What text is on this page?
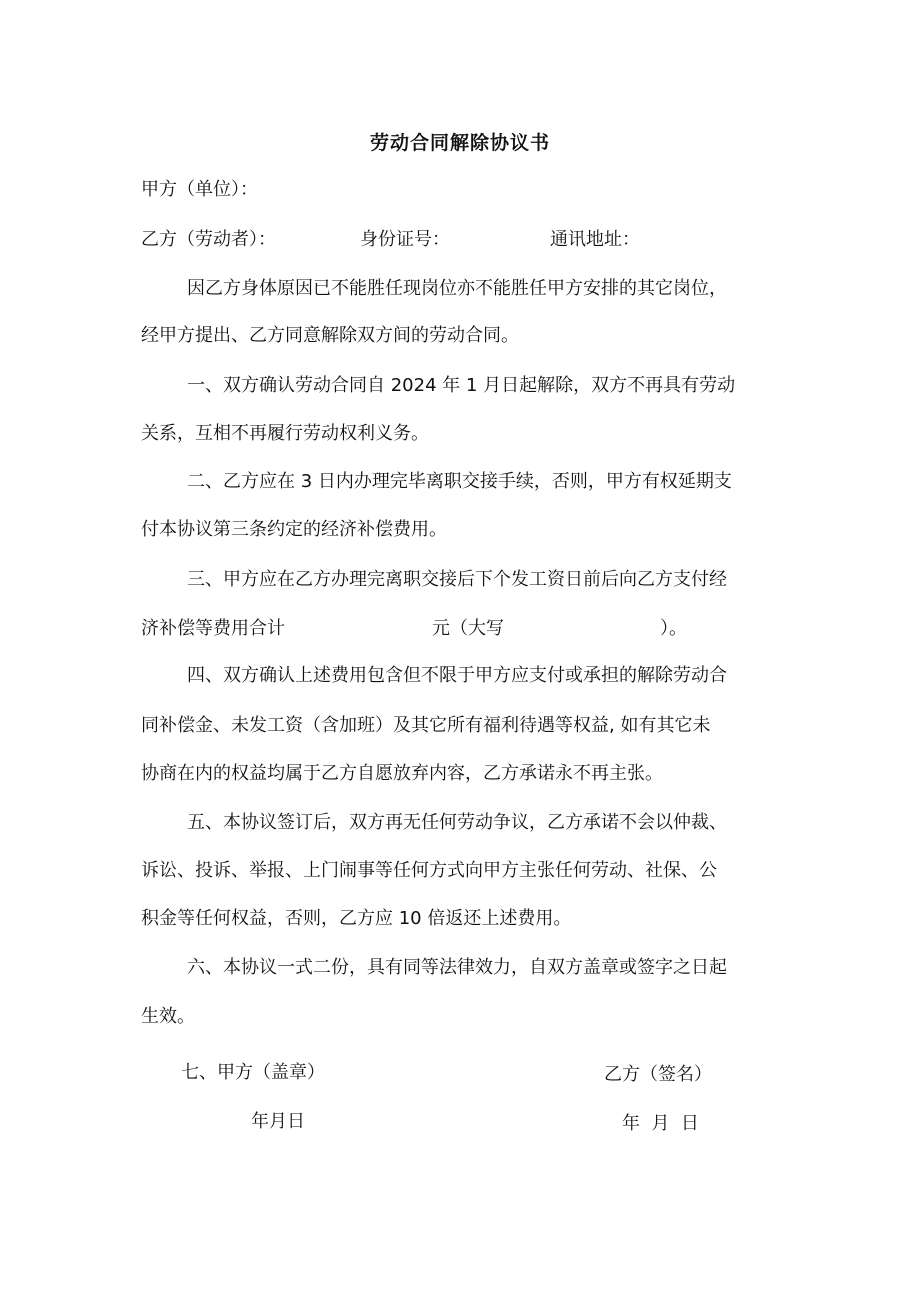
劳动合同解除协议书
甲方（单位）：
乙方（劳动者）：	身份证号：	通讯地址：
因乙方身体原因已不能胜任现岗位亦不能胜任甲方安排的其它岗位，
经甲方提出、乙方同意解除双方间的劳动合同。
一、双方确认劳动合同自 2024 年 1 月日起解除，双方不再具有劳动
关系，互相不再履行劳动权利义务。
二、乙方应在 3 日内办理完毕离职交接手续，否则，甲方有权延期支
付本协议第三条约定的经济补偿费用。
三、甲方应在乙方办理完离职交接后下个发工资日前后向乙方支付经
济补偿等费用合计	元（大写	）。
四、双方确认上述费用包含但不限于甲方应支付或承担的解除劳动合
同补偿金、未发工资（含加班）及其它所有福利待遇等权益, 如有其它未
协商在内的权益均属于乙方自愿放弃内容，乙方承诺永不再主张。
五、本协议签订后，双方再无任何劳动争议，乙方承诺不会以仲裁、
诉讼、投诉、举报、上门闹事等任何方式向甲方主张任何劳动、社保、公
积金等任何权益，否则，乙方应 10 倍返还上述费用。
六、本协议一式二份，具有同等法律效力，自双方盖章或签字之日起
生效。
七、甲方（盖章）	乙方（签名）
年月日	年  月  日
